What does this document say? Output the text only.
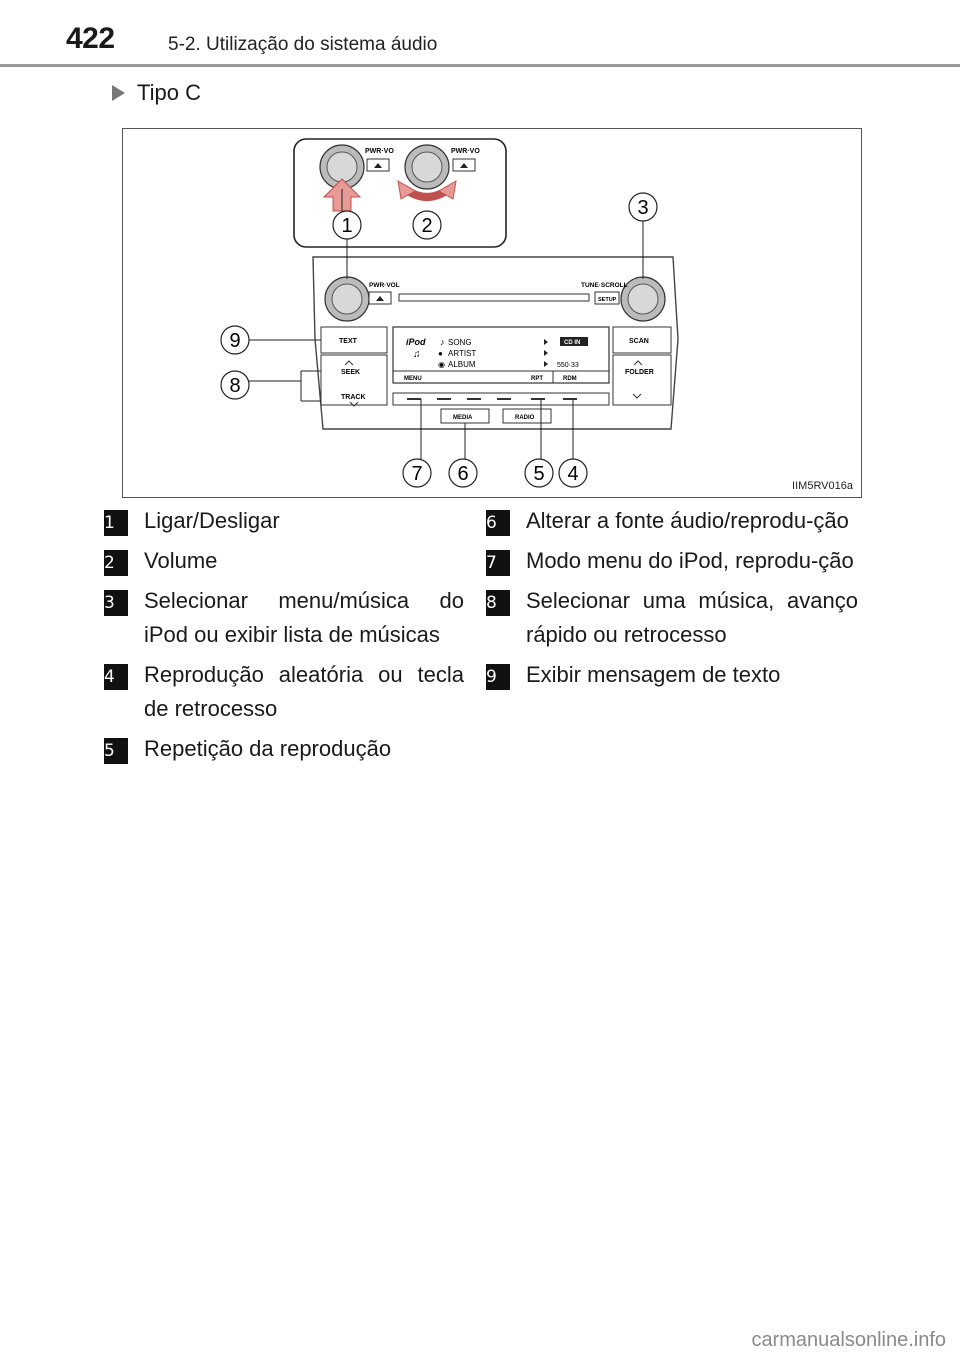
422	5-2. Utilização do sistema áudio
Tipo C
PWR·VO	PWR·VO
PWR·VOL	TUNE·SCROLL
SETUP
TEXT
SEEK
TRACK
SCAN
FOLDER
iPod ♪ SONG
♫ ● ARTIST
◉ ALBUM
CD IN
550·33
MENU	RPT	RDM
MEDIA	RADIO
1	2
3
9
8
7 6	5 4
IIM5RV016a
1	Ligar/Desligar
2	Volume
3	Selecionar menu/música do iPod ou exibir lista de músicas
4	Reprodução aleatória ou tecla de retrocesso
5	Repetição da reprodução
6	Alterar a fonte áudio/reprodu-ção
7	Modo menu do iPod, reprodu-ção
8	Selecionar uma música, avanço rápido ou retrocesso
9	Exibir mensagem de texto
carmanualsonline.info
